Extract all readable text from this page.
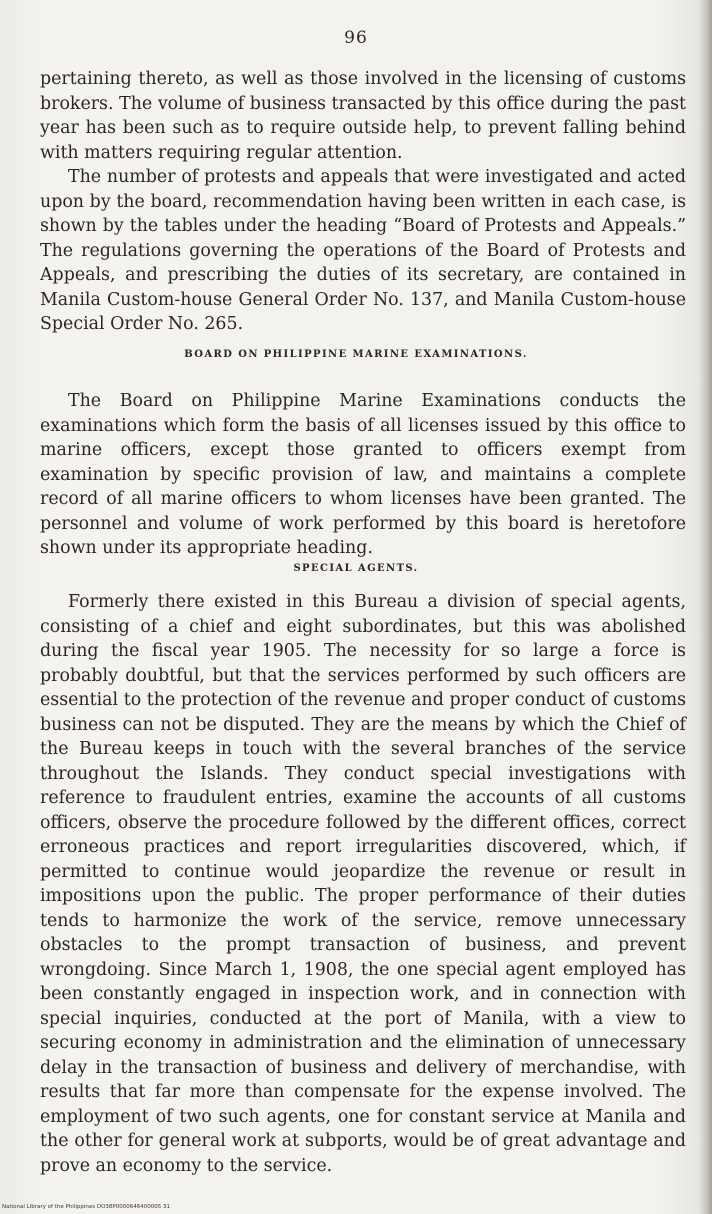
96

pertaining thereto, as well as those involved in the licensing of customs brokers. The volume of business transacted by this office during the past year has been such as to require outside help, to prevent falling behind with matters requiring regular attention.

The number of protests and appeals that were investigated and acted upon by the board, recommendation having been written in each case, is shown by the tables under the heading “Board of Protests and Appeals.” The regulations governing the operations of the Board of Protests and Appeals, and prescribing the duties of its secretary, are contained in Manila Custom-house General Order No. 137, and Manila Custom-house Special Order No. 265.

BOARD ON PHILIPPINE MARINE EXAMINATIONS.

The Board on Philippine Marine Examinations conducts the examinations which form the basis of all licenses issued by this office to marine officers, except those granted to officers exempt from examination by specific provision of law, and maintains a complete record of all marine officers to whom licenses have been granted. The personnel and volume of work performed by this board is heretofore shown under its appropriate heading.

SPECIAL AGENTS.

Formerly there existed in this Bureau a division of special agents, consisting of a chief and eight subordinates, but this was abolished during the fiscal year 1905. The necessity for so large a force is probably doubtful, but that the services performed by such officers are essential to the protection of the revenue and proper conduct of customs business can not be disputed. They are the means by which the Chief of the Bureau keeps in touch with the several branches of the service throughout the Islands. They conduct special investigations with reference to fraudulent entries, examine the accounts of all customs officers, observe the procedure followed by the different offices, correct erroneous practices and report irregularities discovered, which, if permitted to continue would jeopardize the revenue or result in impositions upon the public. The proper performance of their duties tends to harmonize the work of the service, remove unnecessary obstacles to the prompt transaction of business, and prevent wrongdoing. Since March 1, 1908, the one special agent employed has been constantly engaged in inspection work, and in connection with special inquiries, conducted at the port of Manila, with a view to securing economy in administration and the elimination of unnecessary delay in the transaction of business and delivery of merchandise, with results that far more than compensate for the expense involved. The employment of two such agents, one for constant service at Manila and the other for general work at subports, would be of great advantage and prove an economy to the service.

National Library of the Philippines DO38P0000646400005 31
